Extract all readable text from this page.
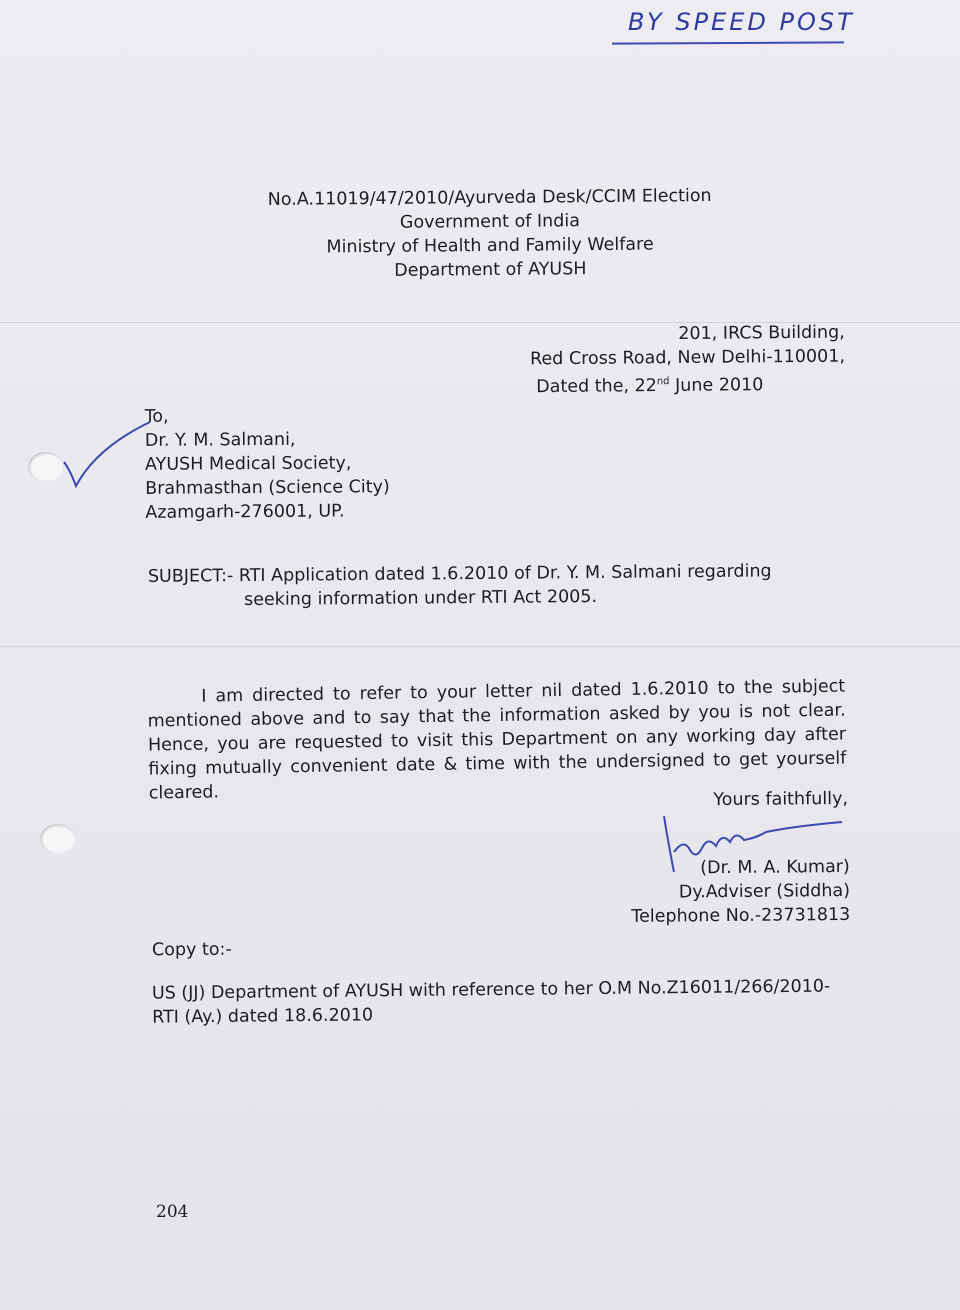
BY SPEED POST
No.A.11019/47/2010/Ayurveda Desk/CCIM Election
Government of India
Ministry of Health and Family Welfare
Department of AYUSH
201, IRCS Building,
Red Cross Road, New Delhi-110001,
Dated the, 22nd June 2010
To,
Dr. Y. M. Salmani,
AYUSH Medical Society,
Brahmasthan (Science City)
Azamgarh-276001, UP.
SUBJECT:- RTI Application dated 1.6.2010 of Dr. Y. M. Salmani regarding
seeking information under RTI Act 2005.
I am directed to refer to your letter nil dated 1.6.2010 to the subject mentioned above and to say that the information asked by you is not clear. Hence, you are requested to visit this Department on any working day after fixing mutually convenient date & time with the undersigned to get yourself cleared.	Yours faithfully,
(Dr. M. A. Kumar)
Dy.Adviser (Siddha)
Telephone No.-23731813
Copy to:-
US (JJ) Department of AYUSH with reference to her O.M No.Z16011/266/2010-
RTI (Ay.) dated 18.6.2010
204
